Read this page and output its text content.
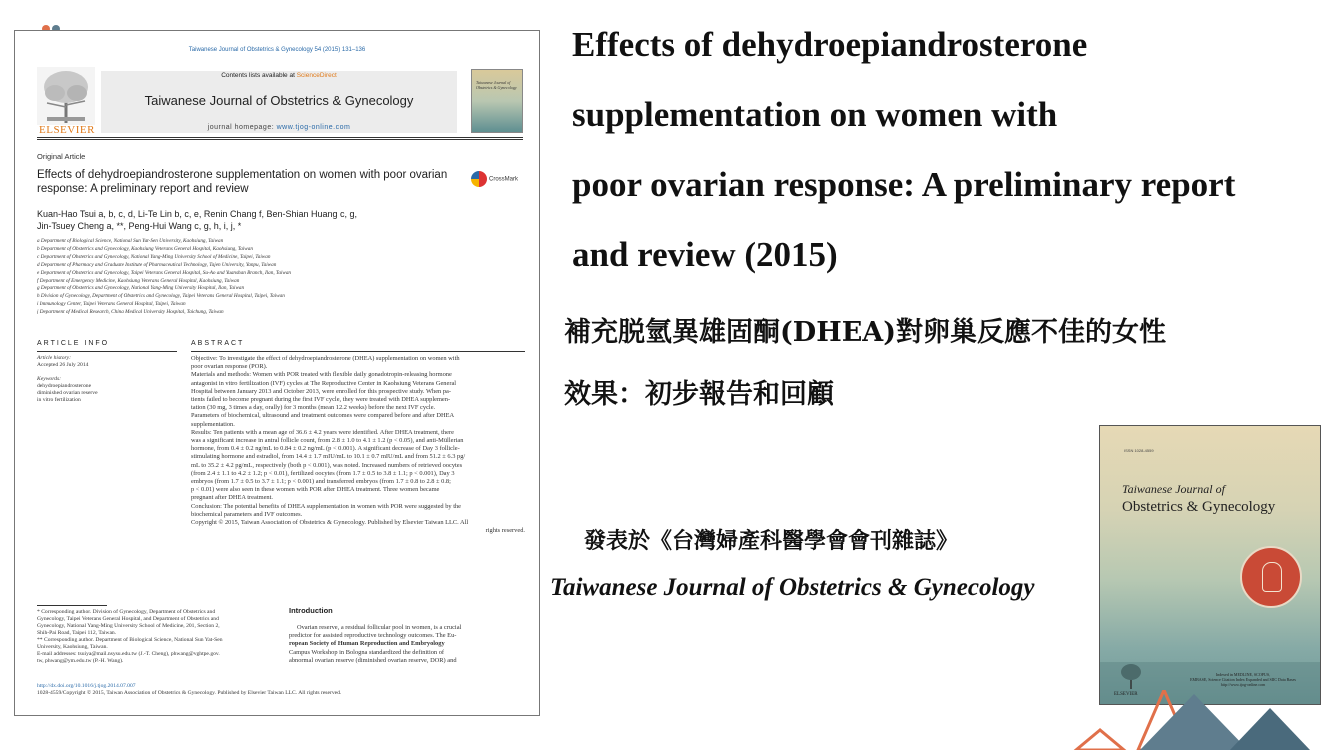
Taiwanese Journal of Obstetrics & Gynecology 54 (2015) 131–136
ELSEVIER
Contents lists available at ScienceDirect
Taiwanese Journal of Obstetrics & Gynecology
journal homepage: www.tjog-online.com
Taiwanese Journal of Obstetrics & Gynecology
Original Article
Effects of dehydroepiandrosterone supplementation on women with poor ovarian response: A preliminary report and review
CrossMark
Kuan-Hao Tsui a, b, c, d, Li-Te Lin b, c, e, Renin Chang f, Ben-Shian Huang c, g,
Jin-Tsuey Cheng a, **, Peng-Hui Wang c, g, h, i, j, *
a Department of Biological Science, National Sun Yat-Sen University, Kaohsiung, Taiwan
b Department of Obstetrics and Gynecology, Kaohsiung Veterans General Hospital, Kaohsiung, Taiwan
c Department of Obstetrics and Gynecology, National Yang-Ming University School of Medicine, Taipei, Taiwan
d Department of Pharmacy and Graduate Institute of Pharmaceutical Technology, Tajen University, Yanpu, Taiwan
e Department of Obstetrics and Gynecology, Taipei Veterans General Hospital, Su-Ao and Yuanshan Branch, Ilan, Taiwan
f Department of Emergency Medicine, Kaohsiung Veterans General Hospital, Kaohsiung, Taiwan
g Department of Obstetrics and Gynecology, National Yang-Ming University Hospital, Ilan, Taiwan
h Division of Gynecology, Department of Obstetrics and Gynecology, Taipei Veterans General Hospital, Taipei, Taiwan
i Immunology Center, Taipei Veterans General Hospital, Taipei, Taiwan
j Department of Medical Research, China Medical University Hospital, Taichung, Taiwan
ARTICLE INFO	ABSTRACT
Article history:
Accepted 26 July 2014

Keywords:
dehydroepiandrosterone
diminished ovarian reserve
in vitro fertilization
Objective: To investigate the effect of dehydroepiandrosterone (DHEA) supplementation on women with
poor ovarian response (POR).
Materials and methods: Women with POR treated with flexible daily gonadotropin-releasing hormone
antagonist in vitro fertilization (IVF) cycles at The Reproductive Center in Kaohsiung Veterans General
Hospital between January 2013 and October 2013, were enrolled for this prospective study. When pa-
tients failed to become pregnant during the first IVF cycle, they were treated with DHEA supplemen-
tation (30 mg, 3 times a day, orally) for 3 months (mean 12.2 weeks) before the next IVF cycle.
Parameters of biochemical, ultrasound and treatment outcomes were compared before and after DHEA
supplementation.
Results: Ten patients with a mean age of 36.6 ± 4.2 years were identified. After DHEA treatment, there
was a significant increase in antral follicle count, from 2.8 ± 1.0 to 4.1 ± 1.2 (p < 0.05), and anti-Müllerian
hormone, from 0.4 ± 0.2 ng/mL to 0.84 ± 0.2 ng/mL (p < 0.001). A significant decrease of Day 3 follicle-
stimulating hormone and estradiol, from 14.4 ± 1.7 mIU/mL to 10.1 ± 0.7 mIU/mL and from 51.2 ± 6.3 pg/
mL to 35.2 ± 4.2 pg/mL, respectively (both p < 0.001), was noted. Increased numbers of retrieved oocytes
(from 2.4 ± 1.1 to 4.2 ± 1.2; p < 0.01), fertilized oocytes (from 1.7 ± 0.5 to 3.8 ± 1.1; p < 0.001), Day 3
embryos (from 1.7 ± 0.5 to 3.7 ± 1.1; p < 0.001) and transferred embryos (from 1.7 ± 0.8 to 2.8 ± 0.8;
p < 0.01) were also seen in these women with POR after DHEA treatment. Three women became
pregnant after DHEA treatment.
Conclusion: The potential benefits of DHEA supplementation in women with POR were suggested by the
biochemical parameters and IVF outcomes.
Copyright © 2015, Taiwan Association of Obstetrics & Gynecology. Published by Elsevier Taiwan LLC. All
rights reserved.
* Corresponding author. Division of Gynecology, Department of Obstetrics and
Gynecology, Taipei Veterans General Hospital, and Department of Obstetrics and
Gynecology, National Yang-Ming University School of Medicine, 201, Section 2,
Shih-Pai Road, Taipei 112, Taiwan.
** Corresponding author. Department of Biological Science, National Sun Yat-Sen
University, Kaohsiung, Taiwan.
E-mail addresses: tsuiya@mail.nsysu.edu.tw (J.-T. Cheng), phwang@vghtpe.gov.
tw, phwang@ym.edu.tw (P.-H. Wang).
Introduction
Ovarian reserve, a residual follicular pool in women, is a crucial
predictor for assisted reproductive technology outcomes. The Eu-
ropean Society of Human Reproduction and Embryology
Campus Workshop in Bologna standardized the definition of
abnormal ovarian reserve (diminished ovarian reserve, DOR) and
http://dx.doi.org/10.1016/j.tjog.2014.07.007
1028-4559/Copyright © 2015, Taiwan Association of Obstetrics & Gynecology. Published by Elsevier Taiwan LLC. All rights reserved.
Effects of dehydroepiandrosterone
supplementation on women with
poor ovarian response: A preliminary report
and review (2015)
補充脱氫異雄固酮(DHEA)對卵巢反應不佳的女性
效果：初步報告和回顧
發表於《台灣婦產科醫學會會刊雜誌》
Taiwanese Journal of Obstetrics & Gynecology
ISSN 1028-4559
Taiwanese Journal of
Obstetrics & Gynecology
ELSEVIER
Indexed in MEDLINE, SCOPUS,
EMBASE, Science Citation Index Expanded and SIIC Data Bases
http://www.tjog-online.com
